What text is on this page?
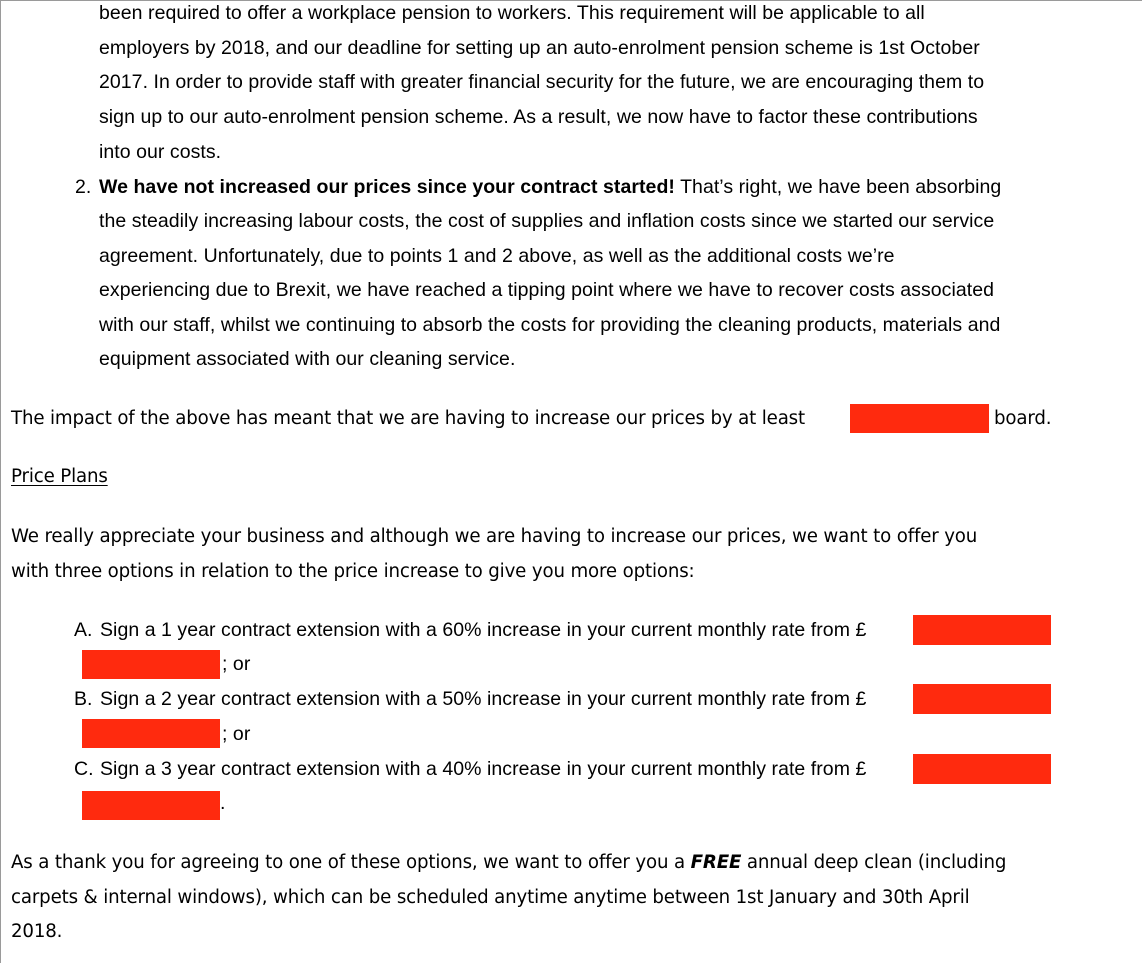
been required to offer a workplace pension to workers. This requirement will be applicable to all
employers by 2018, and our deadline for setting up an auto-enrolment pension scheme is 1st October
2017. In order to provide staff with greater financial security for the future, we are encouraging them to
sign up to our auto-enrolment pension scheme. As a result, we now have to factor these contributions
into our costs.
2. We have not increased our prices since your contract started! That’s right, we have been absorbing
the steadily increasing labour costs, the cost of supplies and inflation costs since we started our service
agreement. Unfortunately, due to points 1 and 2 above, as well as the additional costs we’re
experiencing due to Brexit, we have reached a tipping point where we have to recover costs associated
with our staff, whilst we continuing to absorb the costs for providing the cleaning products, materials and
equipment associated with our cleaning service.
The impact of the above has meant that we are having to increase our prices by at least	board.
Price Plans
We really appreciate your business and although we are having to increase our prices, we want to offer you
with three options in relation to the price increase to give you more options:
A. Sign a 1 year contract extension with a 60% increase in your current monthly rate from £
; or
B. Sign a 2 year contract extension with a 50% increase in your current monthly rate from £
; or
C. Sign a 3 year contract extension with a 40% increase in your current monthly rate from £
.
As a thank you for agreeing to one of these options, we want to offer you a FREE annual deep clean (including
carpets & internal windows), which can be scheduled anytime anytime between 1st January and 30th April
2018.
